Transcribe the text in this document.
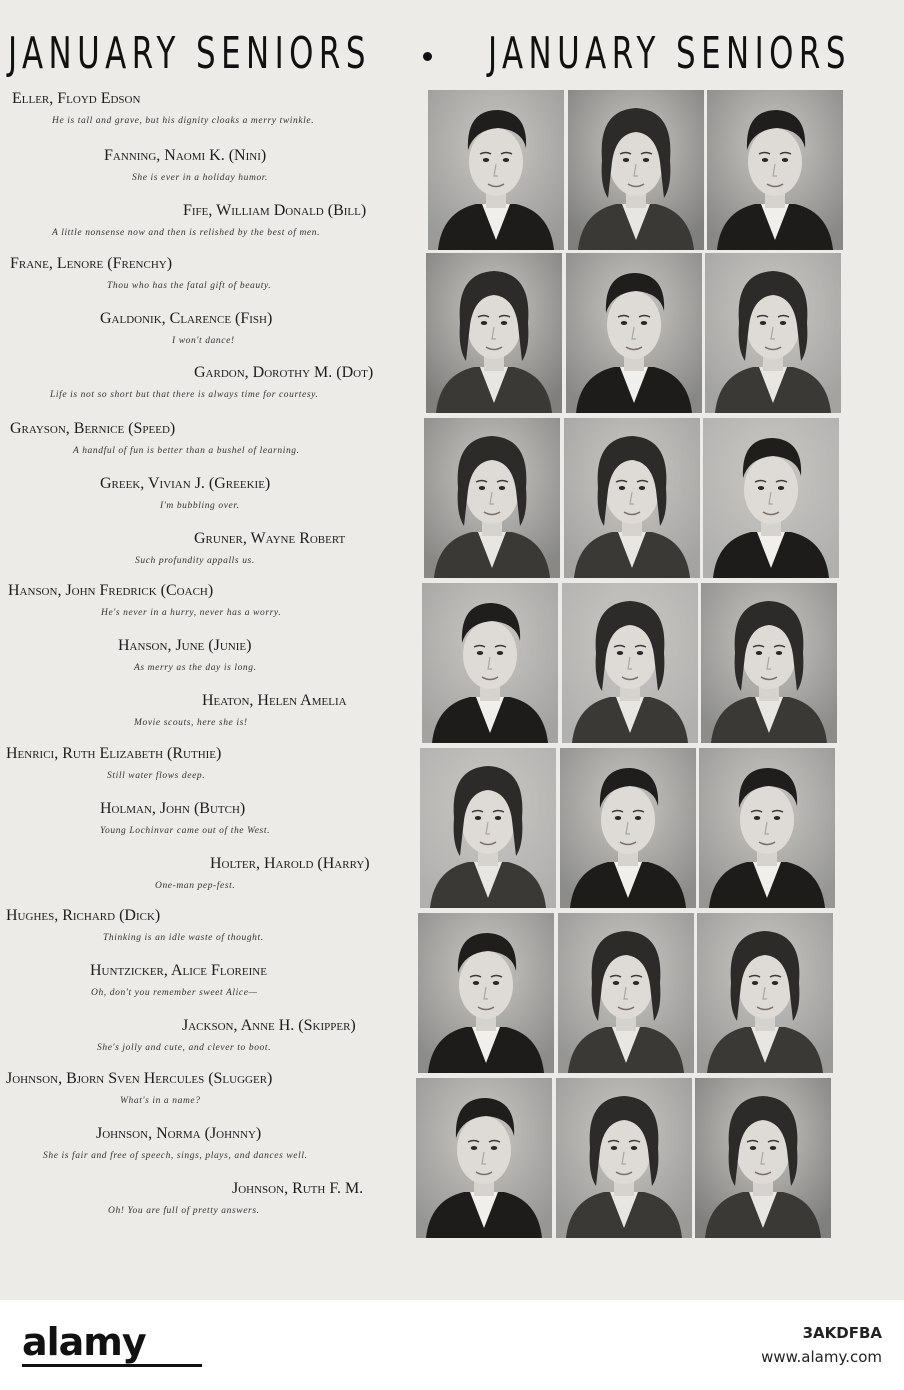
JANUARY SENIORS	JANUARY SENIORS
Eller, Floyd Edson
He is tall and grave, but his dignity cloaks a merry twinkle.
Fanning, Naomi K. (Nini)
She is ever in a holiday humor.
Fife, William Donald (Bill)
A little nonsense now and then is relished by the best of men.
Frane, Lenore (Frenchy)
Thou who has the fatal gift of beauty.
Galdonik, Clarence (Fish)
I won't dance!
Gardon, Dorothy M. (Dot)
Life is not so short but that there is always time for courtesy.
Grayson, Bernice (Speed)
A handful of fun is better than a bushel of learning.
Greek, Vivian J. (Greekie)
I'm bubbling over.
Gruner, Wayne Robert
Such profundity appalls us.
Hanson, John Fredrick (Coach)
He's never in a hurry, never has a worry.
Hanson, June (Junie)
As merry as the day is long.
Heaton, Helen Amelia
Movie scouts, here she is!
Henrici, Ruth Elizabeth (Ruthie)
Still water flows deep.
Holman, John (Butch)
Young Lochinvar came out of the West.
Holter, Harold (Harry)
One-man pep-fest.
Hughes, Richard (Dick)
Thinking is an idle waste of thought.
Huntzicker, Alice Floreine
Oh, don't you remember sweet Alice—
Jackson, Anne H. (Skipper)
She's jolly and cute, and clever to boot.
Johnson, Bjorn Sven Hercules (Slugger)
What's in a name?
Johnson, Norma (Johnny)
She is fair and free of speech, sings, plays, and dances well.
Johnson, Ruth F. M.
Oh! You are full of pretty answers.
alamy	3AKDFBA
www.alamy.com
